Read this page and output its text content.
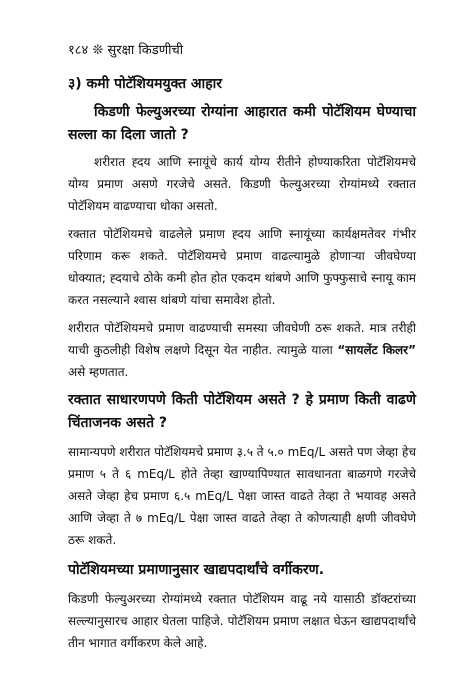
१८४ ❊ सुरक्षा किडणीची
३) कमी पोटॅशियमयुक्त आहार
किडणी फेल्युअरच्या रोग्यांना आहारात कमी पोटॅशियम घेण्याचा सल्ला का दिला जातो ?
शरीरात ह्दय आणि स्नायूंचे कार्य योग्य रीतीने होण्याकरिता पोटॅशियमचे योग्य प्रमाण असणे गरजेचे असते. किडणी फेल्युअरच्या रोग्यांमध्ये रक्तात पोटॅशियम वाढण्याचा धोका असतो.
रक्तात पोटॅशियमचे वाढलेले प्रमाण ह्दय आणि स्नायूंच्या कार्यक्षमतेवर गंभीर परिणाम करू शकते. पोटॅशियमचे प्रमाण वाढल्यामुळे होणाऱ्या जीवघेण्या धोक्यात; ह्दयाचे ठोके कमी होत होत एकदम थांबणे आणि फुफ्फुसाचे स्नायू काम करत नसल्याने श्वास थांबणे यांचा समावेश होतो.
शरीरात पोटॅशियमचे प्रमाण वाढण्याची समस्या जीवघेणी ठरू शकते. मात्र तरीही याची कुठलीही विशेष लक्षणे दिसून येत नाहीत. त्यामुळे याला “सायलेंट किलर” असे म्हणतात.
रक्तात साधारणपणे किती पोटॅशियम असते ? हे प्रमाण किती वाढणे चिंताजनक असते ?
सामान्यपणे शरीरात पोटॅशियमचे प्रमाण ३.५ ते ५.० mEq/L असते पण जेव्हा हेच प्रमाण ५ ते ६ mEq/L होते तेव्हा खाण्यापिण्यात सावधानता बाळगणे गरजेचे असते जेव्हा हेच प्रमाण ६.५ mEq/L पेक्षा जास्त वाढते तेव्हा ते भयावह असते आणि जेव्हा ते ७ mEq/L पेक्षा जास्त वाढते तेव्हा ते कोणत्याही क्षणी जीवघेणे ठरू शकते.
पोटॅशियमच्या प्रमाणानुसार खाद्यपदार्थांचे वर्गीकरण.
किडणी फेल्युअरच्या रोग्यांमध्ये रक्तात पोटॅशियम वाढू नये यासाठी डॉक्टरांच्या सल्ल्यानुसारच आहार घेतला पाहिजे. पोटॅशियम प्रमाण लक्षात घेऊन खाद्यपदार्थांचे तीन भागात वर्गीकरण केले आहे.
